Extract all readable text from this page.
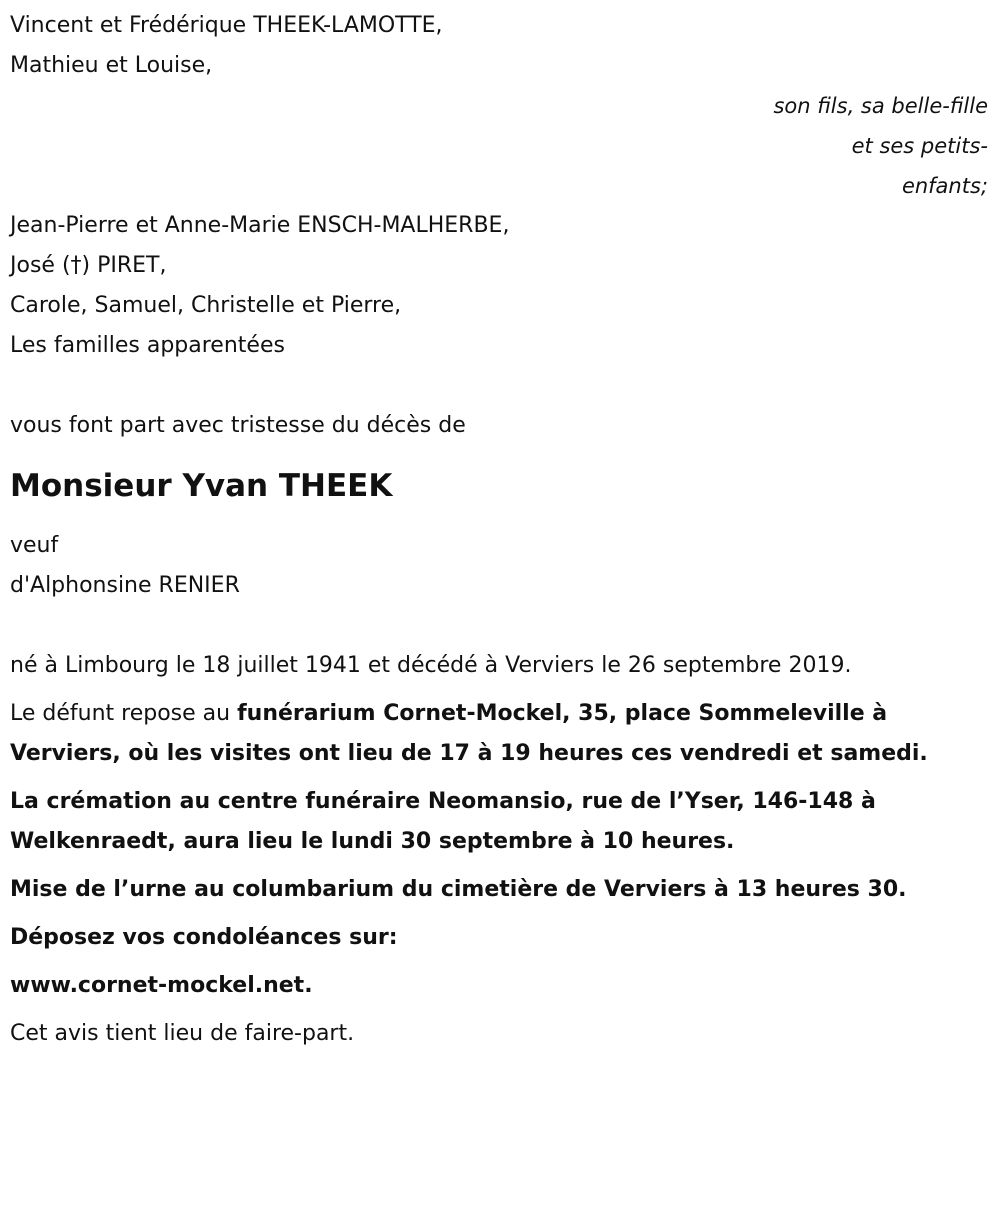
Vincent et Frédérique THEEK-LAMOTTE,
Mathieu et Louise,
son fils, sa belle-fille
et ses petits-
enfants;
Jean-Pierre et Anne-Marie ENSCH-MALHERBE,
José (†) PIRET,
Carole, Samuel, Christelle et Pierre,
Les familles apparentées
vous font part avec tristesse du décès de
Monsieur Yvan THEEK
veuf
d'Alphonsine RENIER

né à Limbourg le 18 juillet 1941 et décédé à Verviers le 26 septembre 2019.

Le défunt repose au funérarium Cornet-Mockel, 35, place Sommeleville à Verviers, où les visites ont lieu de 17 à 19 heures ces vendredi et samedi.

La crémation au centre funéraire Neomansio, rue de l’Yser, 146-148 à Welkenraedt, aura lieu le lundi 30 septembre à 10 heures.

Mise de l’urne au columbarium du cimetière de Verviers à 13 heures 30.

Déposez vos condoléances sur:

www.cornet-mockel.net.

Cet avis tient lieu de faire-part.
